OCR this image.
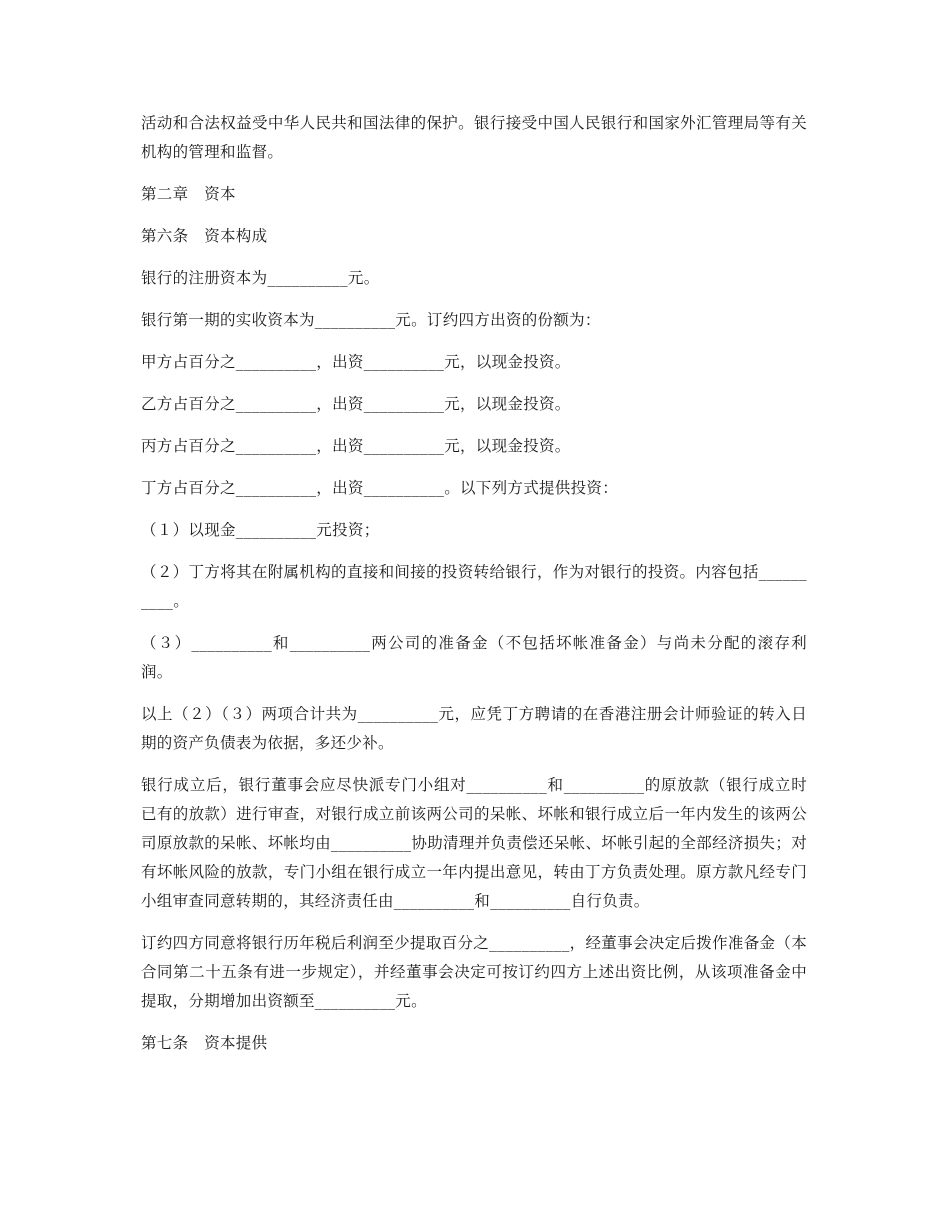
活动和合法权益受中华人民共和国法律的保护。银行接受中国人民银行和国家外汇管理局等有关机构的管理和监督。

第二章　资本

第六条　资本构成

银行的注册资本为__________元。

银行第一期的实收资本为__________元。订约四方出资的份额为：

甲方占百分之__________，出资__________元，以现金投资。

乙方占百分之__________，出资__________元，以现金投资。

丙方占百分之__________，出资__________元，以现金投资。

丁方占百分之__________，出资__________。以下列方式提供投资：

（１）以现金__________元投资；

（２）丁方将其在附属机构的直接和间接的投资转给银行，作为对银行的投资。内容包括__________。

（３）__________和__________两公司的准备金（不包括坏帐准备金）与尚未分配的滚存利润。

以上（２）（３）两项合计共为__________元，应凭丁方聘请的在香港注册会计师验证的转入日期的资产负债表为依据，多还少补。

银行成立后，银行董事会应尽快派专门小组对__________和__________的原放款（银行成立时已有的放款）进行审查，对银行成立前该两公司的呆帐、坏帐和银行成立后一年内发生的该两公司原放款的呆帐、坏帐均由__________协助清理并负责偿还呆帐、坏帐引起的全部经济损失；对有坏帐风险的放款，专门小组在银行成立一年内提出意见，转由丁方负责处理。原方款凡经专门小组审查同意转期的，其经济责任由__________和__________自行负责。

订约四方同意将银行历年税后利润至少提取百分之__________，经董事会决定后拨作准备金（本合同第二十五条有进一步规定），并经董事会决定可按订约四方上述出资比例，从该项准备金中提取，分期增加出资额至__________元。

第七条　资本提供
